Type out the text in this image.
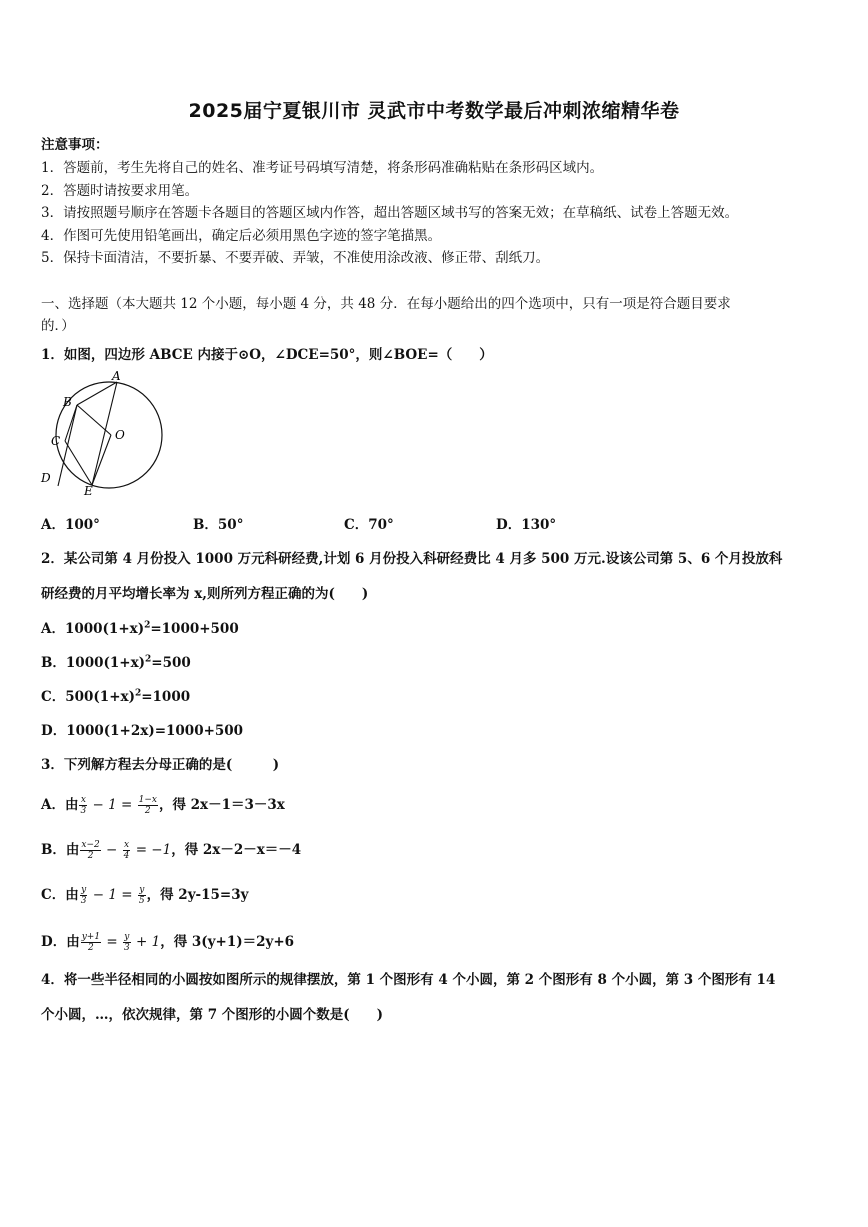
2025届宁夏银川市 灵武市中考数学最后冲刺浓缩精华卷
注意事项：
1．答题前，考生先将自己的姓名、准考证号码填写清楚，将条形码准确粘贴在条形码区域内。
2．答题时请按要求用笔。
3．请按照题号顺序在答题卡各题目的答题区域内作答，超出答题区域书写的答案无效；在草稿纸、试卷上答题无效。
4．作图可先使用铅笔画出，确定后必须用黑色字迹的签字笔描黑。
5．保持卡面清洁，不要折暴、不要弄破、弄皱，不准使用涂改液、修正带、刮纸刀。
一、选择题（本大题共 12 个小题，每小题 4 分，共 48 分．在每小题给出的四个选项中，只有一项是符合题目要求
的．）
1．如图，四边形 ABCE 内接于⊙O，∠DCE=50°，则∠BOE=（　　）
A
B
C
D
E
O
A．100°	B．50°	C．70°	D．130°
2．某公司第 4 月份投入 1000 万元科研经费,计划 6 月份投入科研经费比 4 月多 500 万元.设该公司第 5、6 个月投放科
研经费的月平均增长率为 x,则所列方程正确的为(　　)
A．$1000(1+x)^2=1000+500$
B．$1000(1+x)^2=500$
C．$500(1+x)^2=1000$
D．1000(1+2x)=1000+500
3．下列解方程去分母正确的是(　　　)
A．由 $\frac{x}{3} - 1 = \frac{1-x}{2}$ ，得 2x－1＝3－3x
B．由 $\frac{x-2}{2} - \frac{x}{4} = -1$，得 2x－2－x＝－4
C．由 $\frac{y}{3} - 1 = \frac{y}{5}$ ，得 2y-15=3y
D．由 $\frac{y+1}{2} = \frac{y}{3} + 1$，得 3(y+1)＝2y+6
4．将一些半径相同的小圆按如图所示的规律摆放，第 1 个图形有 4 个小圆，第 2 个图形有 8 个小圆，第 3 个图形有 14
个小圆，…，依次规律，第 7 个图形的小圆个数是(　　)
